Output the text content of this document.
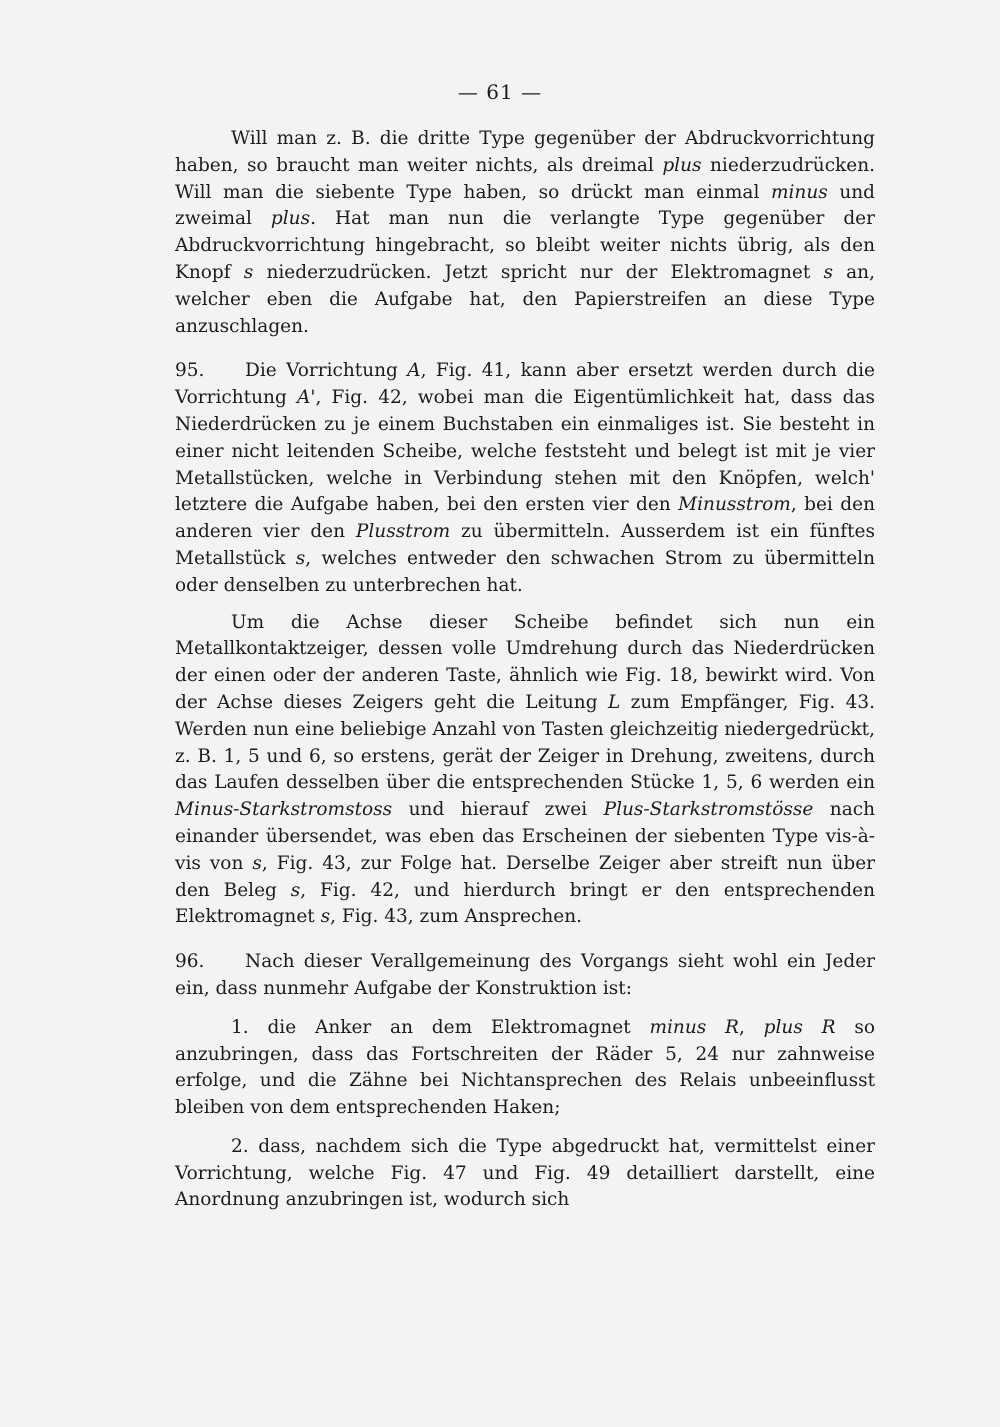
— 61 —

Will man z. B. die dritte Type gegenüber der Abdruckvorrichtung haben, so braucht man weiter nichts, als dreimal plus niederzudrücken. Will man die siebente Type haben, so drückt man einmal minus und zweimal plus. Hat man nun die verlangte Type gegenüber der Abdruckvorrichtung hingebracht, so bleibt weiter nichts übrig, als den Knopf s niederzudrücken. Jetzt spricht nur der Elektromagnet s an, welcher eben die Aufgabe hat, den Papierstreifen an diese Type anzuschlagen.

95. Die Vorrichtung A, Fig. 41, kann aber ersetzt werden durch die Vorrichtung A', Fig. 42, wobei man die Eigentümlichkeit hat, dass das Niederdrücken zu je einem Buchstaben ein einmaliges ist. Sie besteht in einer nicht leitenden Scheibe, welche feststeht und belegt ist mit je vier Metallstücken, welche in Verbindung stehen mit den Knöpfen, welch' letztere die Aufgabe haben, bei den ersten vier den Minusstrom, bei den anderen vier den Plusstrom zu übermitteln. Ausserdem ist ein fünftes Metallstück s, welches entweder den schwachen Strom zu übermitteln oder denselben zu unterbrechen hat.

Um die Achse dieser Scheibe befindet sich nun ein Metallkontaktzeiger, dessen volle Umdrehung durch das Niederdrücken der einen oder der anderen Taste, ähnlich wie Fig. 18, bewirkt wird. Von der Achse dieses Zeigers geht die Leitung L zum Empfänger, Fig. 43. Werden nun eine beliebige Anzahl von Tasten gleichzeitig niedergedrückt, z. B. 1, 5 und 6, so erstens, gerät der Zeiger in Drehung, zweitens, durch das Laufen desselben über die entsprechenden Stücke 1, 5, 6 werden ein Minus-Starkstromstoss und hierauf zwei Plus-Starkstromstösse nach einander übersendet, was eben das Erscheinen der siebenten Type vis-à-vis von s, Fig. 43, zur Folge hat. Derselbe Zeiger aber streift nun über den Beleg s, Fig. 42, und hierdurch bringt er den entsprechenden Elektromagnet s, Fig. 43, zum Ansprechen.

96. Nach dieser Verallgemeinung des Vorgangs sieht wohl ein Jeder ein, dass nunmehr Aufgabe der Konstruktion ist:

1. die Anker an dem Elektromagnet minus R, plus R so anzubringen, dass das Fortschreiten der Räder 5, 24 nur zahnweise erfolge, und die Zähne bei Nichtansprechen des Relais unbeeinflusst bleiben von dem entsprechenden Haken;

2. dass, nachdem sich die Type abgedruckt hat, vermittelst einer Vorrichtung, welche Fig. 47 und Fig. 49 detailliert darstellt, eine Anordnung anzubringen ist, wodurch sich
